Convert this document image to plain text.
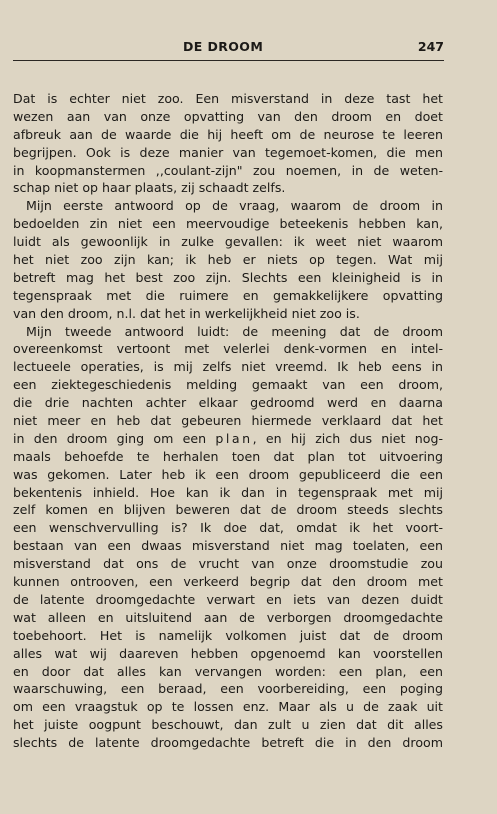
DE DROOM	247
Dat is echter niet zoo. Een misverstand in deze tast het
wezen aan van onze opvatting van den droom en doet
afbreuk aan de waarde die hij heeft om de neurose te leeren
begrijpen. Ook is deze manier van tegemoet-komen, die men
in koopmanstermen ,,coulant-zijn" zou noemen, in de weten-
schap niet op haar plaats, zij schaadt zelfs.
Mijn eerste antwoord op de vraag, waarom de droom in
bedoelden zin niet een meervoudige beteekenis hebben kan,
luidt als gewoonlijk in zulke gevallen: ik weet niet waarom
het niet zoo zijn kan; ik heb er niets op tegen. Wat mij
betreft mag het best zoo zijn. Slechts een kleinigheid is in
tegenspraak met die ruimere en gemakkelijkere opvatting
van den droom, n.l. dat het in werkelijkheid niet zoo is.
Mijn tweede antwoord luidt: de meening dat de droom
overeenkomst vertoont met velerlei denk-vormen en intel-
lectueele operaties, is mij zelfs niet vreemd. Ik heb eens in
een ziektegeschiedenis melding gemaakt van een droom,
die drie nachten achter elkaar gedroomd werd en daarna
niet meer en heb dat gebeuren hiermede verklaard dat het
in den droom ging om een plan, en hij zich dus niet nog-
maals behoefde te herhalen toen dat plan tot uitvoering
was gekomen. Later heb ik een droom gepubliceerd die een
bekentenis inhield. Hoe kan ik dan in tegenspraak met mij
zelf komen en blijven beweren dat de droom steeds slechts
een wenschvervulling is? Ik doe dat, omdat ik het voort-
bestaan van een dwaas misverstand niet mag toelaten, een
misverstand dat ons de vrucht van onze droomstudie zou
kunnen ontrooven, een verkeerd begrip dat den droom met
de latente droomgedachte verwart en iets van dezen duidt
wat alleen en uitsluitend aan de verborgen droomgedachte
toebehoort. Het is namelijk volkomen juist dat de droom
alles wat wij daareven hebben opgenoemd kan voorstellen
en door dat alles kan vervangen worden: een plan, een
waarschuwing, een beraad, een voorbereiding, een poging
om een vraagstuk op te lossen enz. Maar als u de zaak uit
het juiste oogpunt beschouwt, dan zult u zien dat dit alles
slechts de latente droomgedachte betreft die in den droom
